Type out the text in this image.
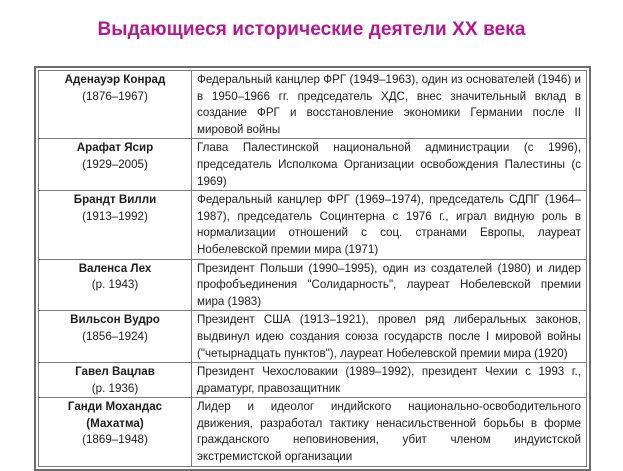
Выдающиеся исторические деятели XX века
Аденауэр Конрад
(1876–1967)	Федеральный канцлер ФРГ (1949–1963), один из основателей (1946) и в 1950–1966 гг. председатель ХДС, внес значительный вклад в создание ФРГ и восстановление экономики Германии после II мировой войны

Арафат Ясир
(1929–2005)	Глава Палестинской национальной администрации (с 1996), председатель Исполкома Организации освобождения Палестины (с 1969)

Брандт Вилли
(1913–1992)	Федеральный канцлер ФРГ (1969–1974), председатель СДПГ (1964–1987), председатель Социнтерна с 1976 г., играл видную роль в нормализации отношений с соц. странами Европы, лауреат Нобелевской премии мира (1971)

Валенса Лех
(р. 1943)	Президент Польши (1990–1995), один из создателей (1980) и лидер профобъединения "Солидарность", лауреат Нобелевской премии мира (1983)

Вильсон Вудро
(1856–1924)	Президент США (1913–1921), провел ряд либеральных законов, выдвинул идею создания союза государств после I мировой войны ("четырнадцать пунктов"), лауреат Нобелевской премии мира (1920)

Гавел Вацлав
(р. 1936)	Президент Чехословакии (1989–1992), президент Чехии с 1993 г., драматург, правозащитник

Ганди Мохандас (Махатма)
(1869–1948)	Лидер и идеолог индийского национально-освободительного движения, разработал тактику ненасильственной борьбы в форме гражданского неповиновения, убит членом индуистской экстремистской организации
